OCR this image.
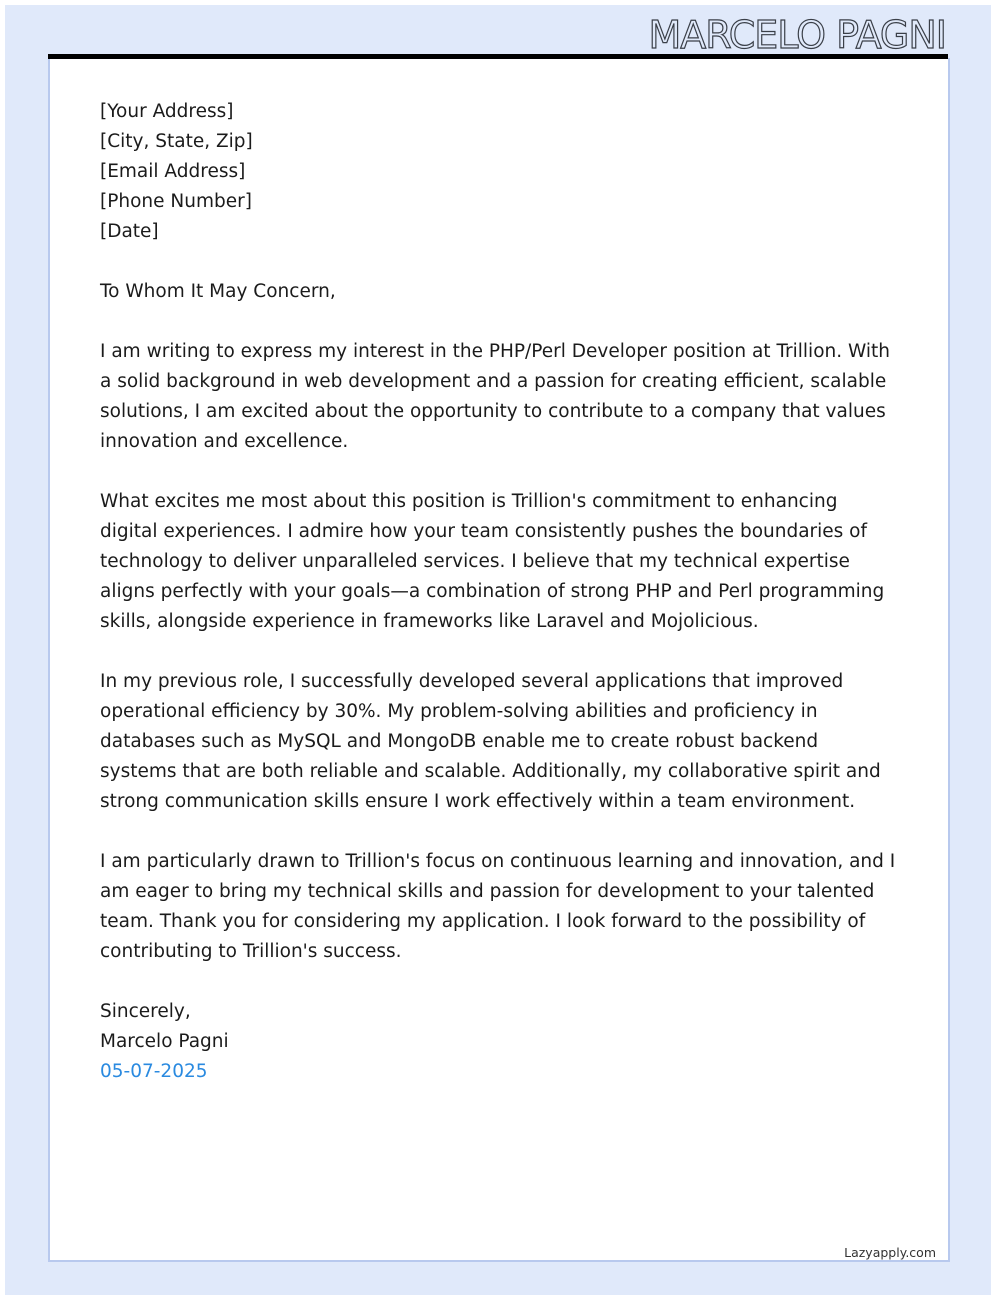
MARCELO PAGNI

[Your Address]
[City, State, Zip]
[Email Address]
[Phone Number]
[Date]

To Whom It May Concern,

I am writing to express my interest in the PHP/Perl Developer position at Trillion. With a solid background in web development and a passion for creating efficient, scalable solutions, I am excited about the opportunity to contribute to a company that values innovation and excellence.

What excites me most about this position is Trillion's commitment to enhancing digital experiences. I admire how your team consistently pushes the boundaries of technology to deliver unparalleled services. I believe that my technical expertise aligns perfectly with your goals—a combination of strong PHP and Perl programming skills, alongside experience in frameworks like Laravel and Mojolicious.

In my previous role, I successfully developed several applications that improved operational efficiency by 30%. My problem-solving abilities and proficiency in databases such as MySQL and MongoDB enable me to create robust backend systems that are both reliable and scalable. Additionally, my collaborative spirit and strong communication skills ensure I work effectively within a team environment.

I am particularly drawn to Trillion's focus on continuous learning and innovation, and I am eager to bring my technical skills and passion for development to your talented team. Thank you for considering my application. I look forward to the possibility of contributing to Trillion's success.

Sincerely,

Marcelo Pagni

05-07-2025

Lazyapply.com
